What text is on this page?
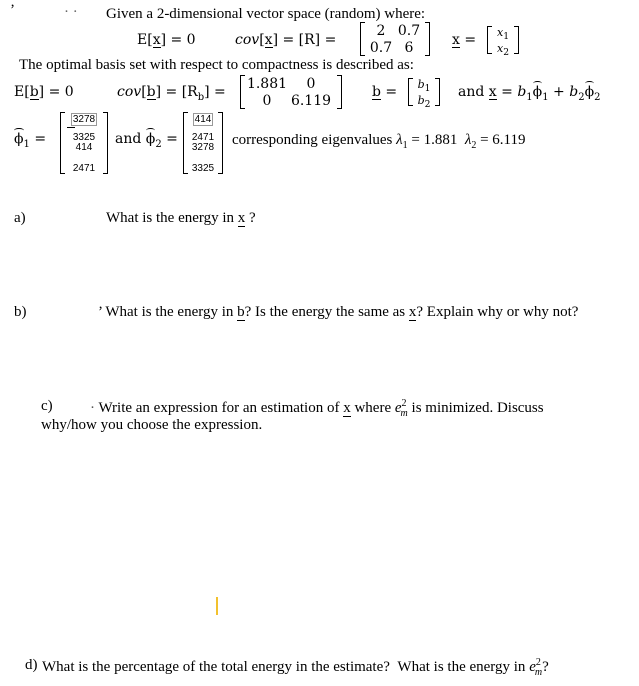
’	· · Given a 2-dimensional vector space (random) where:
E[x] = 0	cov[x] = [R] =
2 0.7
0.7 6	$x = x_1$
$x_2$
The optimal basis set with respect to compactness is described as:
E[b] = 0	$cov[b] = [R_b]$ =
1.881 0
0 6.119
$b = b_1$
$b_2$
and $x = b_1\phi_1 + b_2\phi_2$
$\phi_1$ =
3278
3325
414
2471
and $\phi_2$ =
414
2471
3278
3325
corresponding eigenvalues $\lambda_1 = 1.881$  $\lambda_2 = 6.119$
a)	What is the energy in x ?
b)	’ What is the energy in b? Is the energy the same as x? Explain why or why not?
c) · Write an expression for an estimation of x where $e^2_m$ is minimized. Discuss
why/how you choose the expression.
d) What is the percentage of the total energy in the estimate?  What is the energy in $e^2_m$?
